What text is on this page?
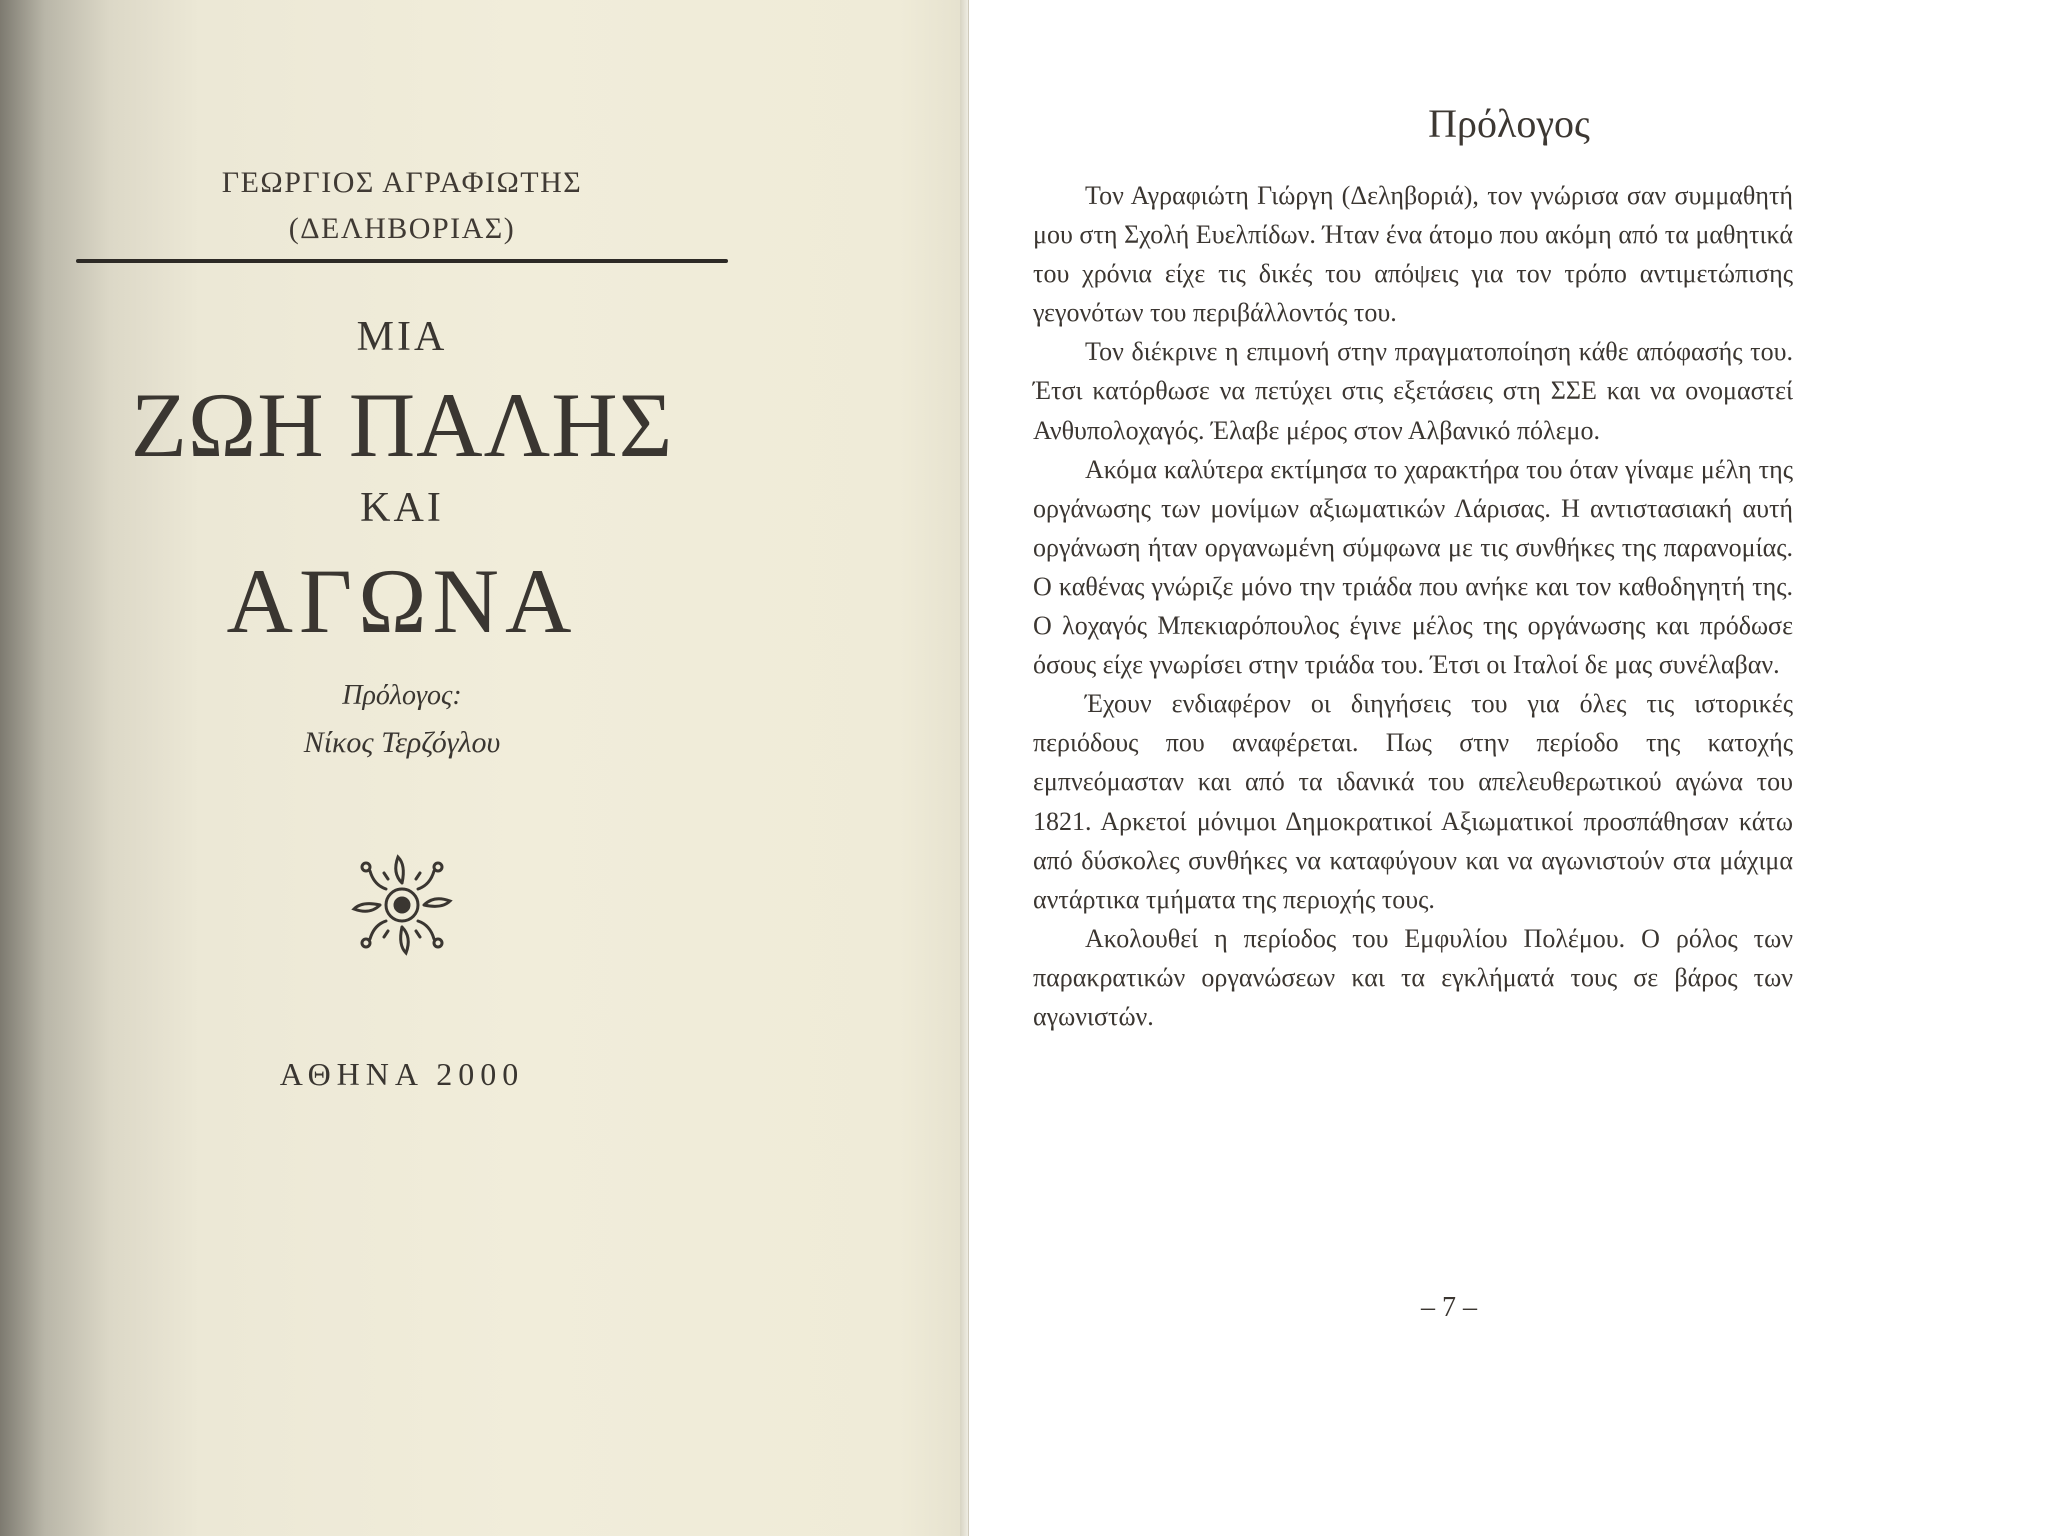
ΓΕΩΡΓΙΟΣ ΑΓΡΑΦΙΩΤΗΣ
(ΔΕΛΗΒΟΡΙΑΣ)
ΜΙΑ
ΖΩΗ ΠΑΛΗΣ
ΚΑΙ
ΑΓΩΝΑ
Πρόλογος:
Νίκος Τερζόγλου
ΑΘΗΝΑ 2000
Πρόλογος

Τον Αγραφιώτη Γιώργη (Δεληβοριά), τον γνώρισα σαν συμμαθητή μου στη Σχολή Ευελπίδων. Ήταν ένα άτομο που ακόμη από τα μαθητικά του χρόνια είχε τις δικές του απόψεις για τον τρόπο αντιμετώπισης γεγονότων του περιβάλλοντός του.

Τον διέκρινε η επιμονή στην πραγματοποίηση κάθε απόφασής του. Έτσι κατόρθωσε να πετύχει στις εξετάσεις στη ΣΣΕ και να ονομαστεί Ανθυπολοχαγός. Έλαβε μέρος στον Αλβανικό πόλεμο.

Ακόμα καλύτερα εκτίμησα το χαρακτήρα του όταν γίναμε μέλη της οργάνωσης των μονίμων αξιωματικών Λάρισας. Η αντιστασιακή αυτή οργάνωση ήταν οργανωμένη σύμφωνα με τις συνθήκες της παρανομίας. Ο καθένας γνώριζε μόνο την τριάδα που ανήκε και τον καθοδηγητή της. Ο λοχαγός Μπεκιαρόπουλος έγινε μέλος της οργάνωσης και πρόδωσε όσους είχε γνωρίσει στην τριάδα του. Έτσι οι Ιταλοί δε μας συνέλαβαν.

Έχουν ενδιαφέρον οι διηγήσεις του για όλες τις ιστορικές περιόδους που αναφέρεται. Πως στην περίοδο της κατοχής εμπνεόμασταν και από τα ιδανικά του απελευθερωτικού αγώνα του 1821. Αρκετοί μόνιμοι Δημοκρατικοί Αξιωματικοί προσπάθησαν κάτω από δύσκολες συνθήκες να καταφύγουν και να αγωνιστούν στα μάχιμα αντάρτικα τμήματα της περιοχής τους.

Ακολουθεί η περίοδος του Εμφυλίου Πολέμου. Ο ρόλος των παρακρατικών οργανώσεων και τα εγκλήματά τους σε βάρος των αγωνιστών.

– 7 –
